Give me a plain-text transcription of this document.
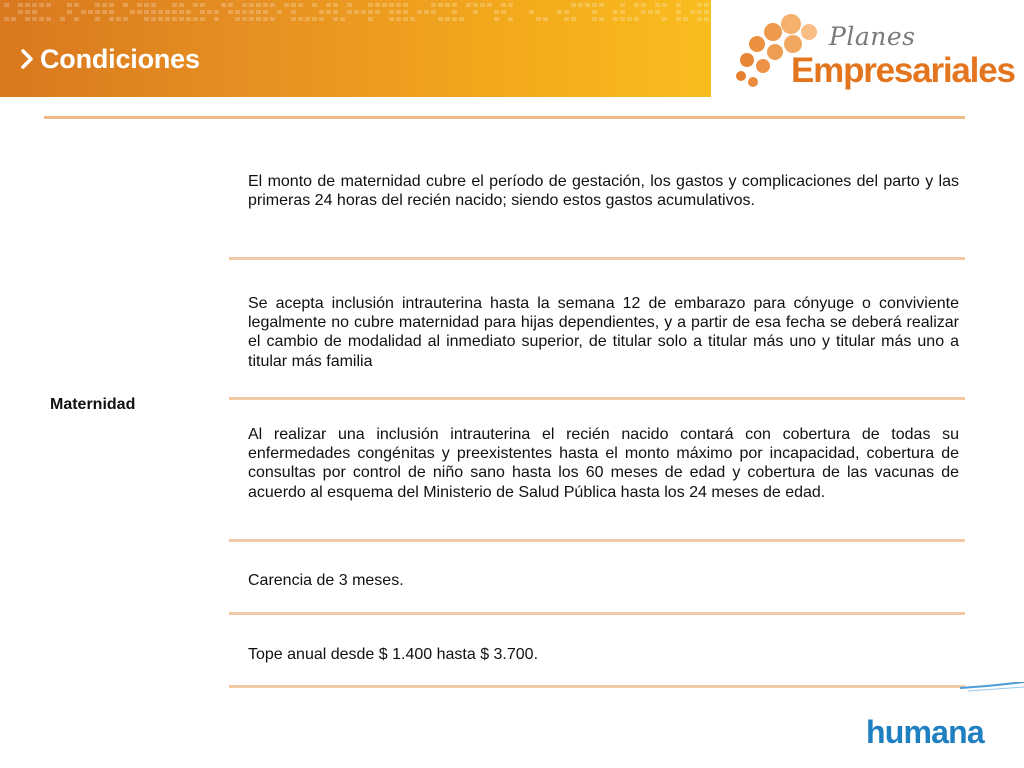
Condiciones
Planes
Empresariales
Maternidad
El monto de maternidad cubre el período de gestación, los gastos y complicaciones del parto y las primeras 24 horas del recién nacido; siendo estos gastos acumulativos.
Se acepta inclusión intrauterina hasta la semana 12 de embarazo para cónyuge o conviviente legalmente no cubre maternidad para hijas dependientes, y a partir de esa fecha se deberá realizar el cambio de modalidad al inmediato superior, de titular solo a titular más uno y titular más uno a titular más familia
Al realizar una inclusión intrauterina el recién nacido contará con cobertura de todas su enfermedades congénitas y preexistentes hasta el monto máximo por incapacidad, cobertura de consultas por control de niño sano hasta los 60 meses de edad y cobertura de las vacunas de acuerdo al esquema del Ministerio de Salud Pública hasta los 24 meses de edad.
Carencia de 3 meses.
Tope anual desde $ 1.400 hasta $ 3.700.
h umana
